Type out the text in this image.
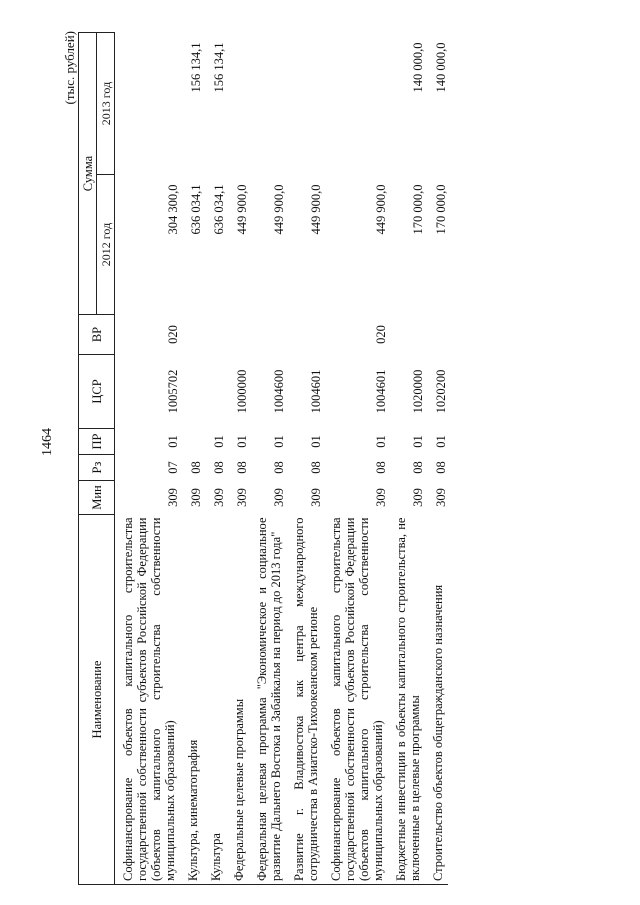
1464
(тыс. рублей)
Наименование	Мин	Рз	ПР	ЦСР	ВР	Сумма	
						2012 год	2013 год
Софинансирование объектов капитального строительства государственной собственности субъектов Российской Федерации (объектов капитального строительства собственности муниципальных образований)	309	07	01	1005702	020	304 300,0	
Культура, кинематография	309	08				636 034,1	156 134,1
Культура	309	08	01			636 034,1	156 134,1
Федеральные целевые программы	309	08	01	1000000		449 900,0	
Федеральная целевая программа "Экономическое и социальное развитие Дальнего Востока и Забайкалья на период до 2013 года"	309	08	01	1004600		449 900,0	
Развитие г. Владивостока как центра международного сотрудничества в Азиатско-Тихоокеанском регионе	309	08	01	1004601		449 900,0	
Софинансирование объектов капитального строительства государственной собственности субъектов Российской Федерации (объектов капитального строительства собственности муниципальных образований)	309	08	01	1004601	020	449 900,0	
Бюджетные инвестиции в объекты капитального строительства, не включенные в целевые программы	309	08	01	1020000		170 000,0	140 000,0
Строительство объектов общегражданского назначения	309	08	01	1020200		170 000,0	140 000,0
